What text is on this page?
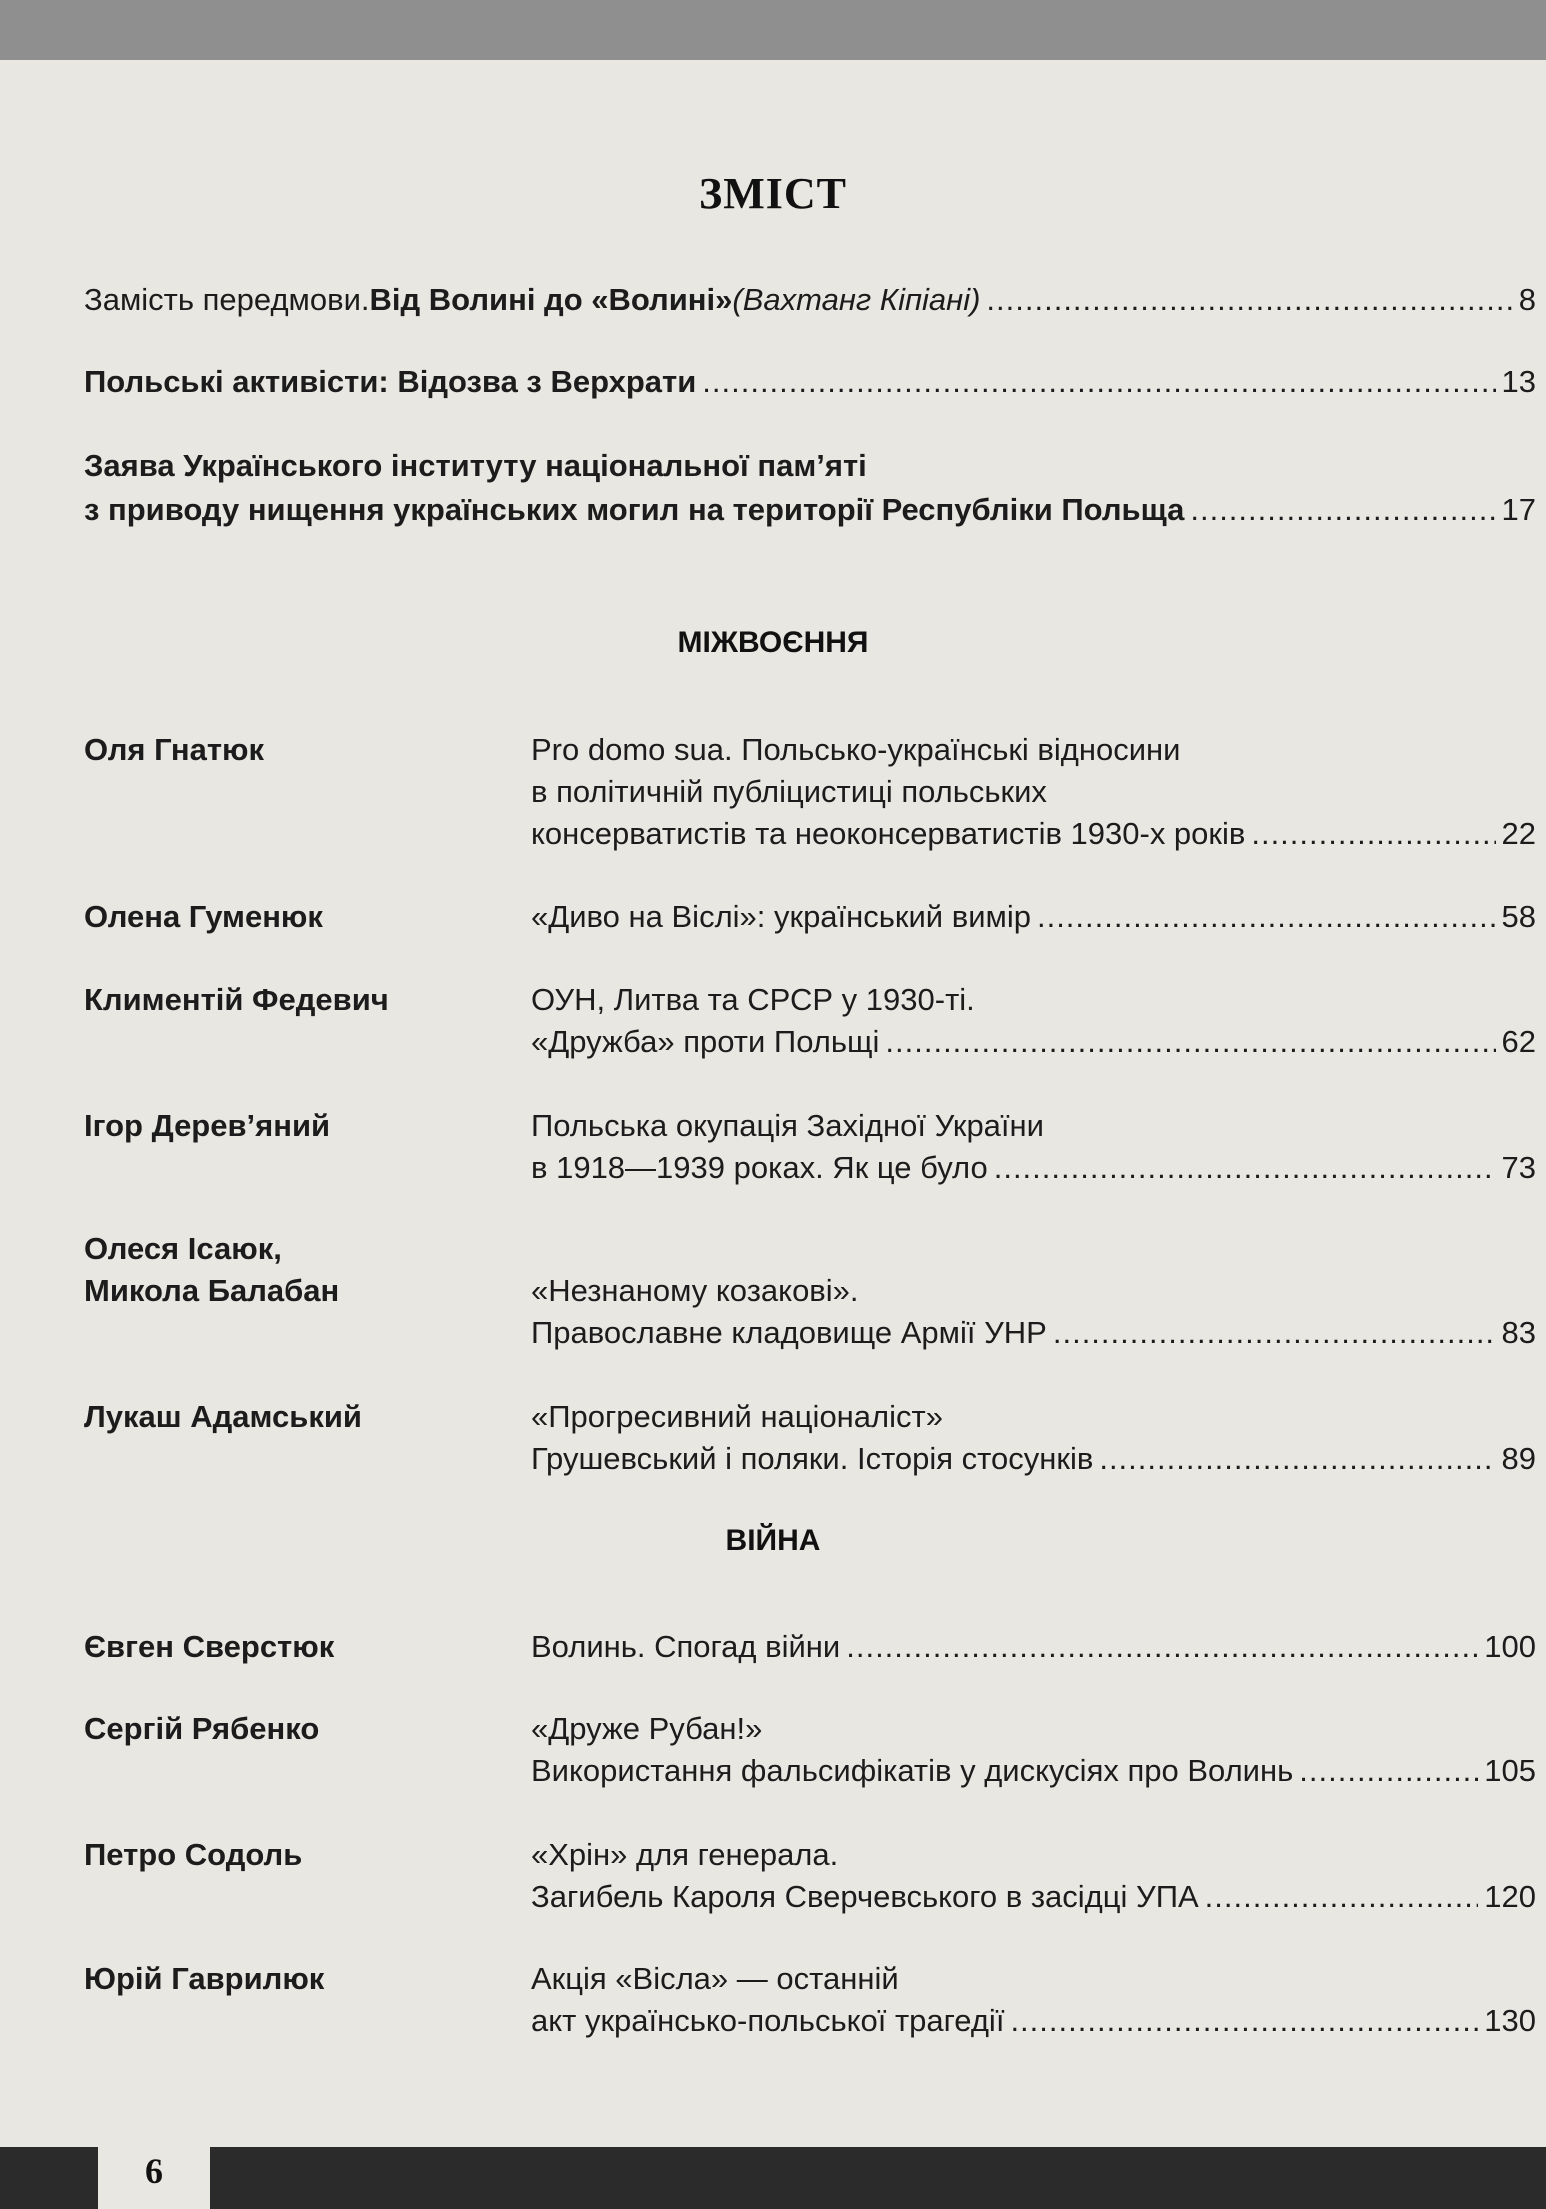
ЗМІСТ
Замість передмови. Від Волині до «Волині» (Вахтанг Кіпіані) .....	8
Польські активісти: Відозва з Верхрати .....	13
Заява Українського інституту національної пам’яті
з приводу нищення українських могил на території Республіки Польща .....	17
МІЖВОЄННЯ
Оля Гнатюк	Pro domo sua. Польсько-українські відносини
в політичній публіцистиці польських
консерватистів та неоконсерватистів 1930-х років .....	22
Олена Гуменюк	«Диво на Віслі»: український вимір .....	58
Климентій Федевич	ОУН, Литва та СРСР у 1930-ті.
«Дружба» проти Польщі .....	62
Ігор Дерев’яний	Польська окупація Західної України
в 1918—1939 роках. Як це було .....	73
Олеся Ісаюк,
Микола Балабан	«Незнаному козакові».
Православне кладовище Армії УНР .....	83
Лукаш Адамський	«Прогресивний націоналіст»
Грушевський і поляки. Історія стосунків .....	89
ВІЙНА
Євген Сверстюк	Волинь. Спогад війни .....	100
Сергій Рябенко	«Друже Рубан!»
Використання фальсифікатів у дискусіях про Волинь .....	105
Петро Содоль	«Хрін» для генерала.
Загибель Кароля Сверчевського в засідці УПА .....	120
Юрій Гаврилюк	Акція «Вісла» — останній
акт українсько-польської трагедії .....	130
6
